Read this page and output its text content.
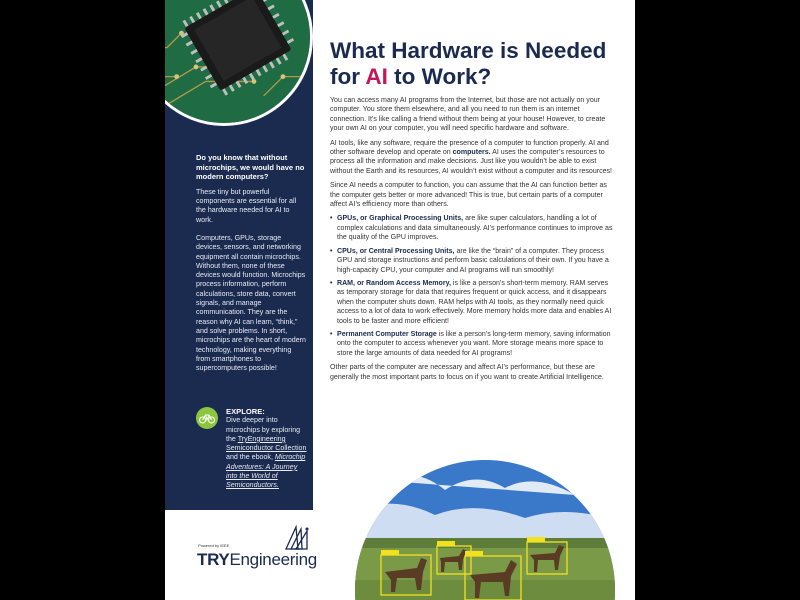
Do you know that without microchips, we would have no modern computers?

These tiny but powerful components are essential for all the hardware needed for AI to work.

Computers, GPUs, storage devices, sensors, and networking equipment all contain microchips. Without them, none of these devices would function. Microchips process information, perform calculations, store data, convert signals, and manage communication. They are the reason why AI can learn, “think,” and solve problems. In short, microchips are the heart of modern technology, making everything from smartphones to supercomputers possible!

EXPLORE:
Dive deeper into microchips by exploring the TryEngineering Semiconductor Collection and the ebook, Microchip Adventures: A Journey into the World of Semiconductors.
Powered by IEEE
TRYEngineering
What Hardware is Needed
for AI to Work?

You can access many AI programs from the Internet, but those are not actually on your computer. You store them elsewhere, and all you need to run them is an internet connection. It’s like calling a friend without them being at your house! However, to create your own AI on your computer, you will need specific hardware and software.

AI tools, like any software, require the presence of a computer to function properly. AI and other software develop and operate on computers. AI uses the computer’s resources to process all the information and make decisions. Just like you wouldn’t be able to exist without the Earth and its resources, AI wouldn’t exist without a computer and its resources!

Since AI needs a computer to function, you can assume that the AI can function better as the computer gets better or more advanced! This is true, but certain parts of a computer affect AI’s efficiency more than others.

• GPUs, or Graphical Processing Units, are like super calculators, handling a lot of complex calculations and data simultaneously. AI’s performance continues to improve as the quality of the GPU improves.
• CPUs, or Central Processing Units, are like the “brain” of a computer. They process GPU and storage instructions and perform basic calculations of their own. If you have a high-capacity CPU, your computer and AI programs will run smoothly!
• RAM, or Random Access Memory, is like a person’s short-term memory. RAM serves as temporary storage for data that requires frequent or quick access, and it disappears when the computer shuts down. RAM helps with AI tools, as they normally need quick access to a lot of data to work effectively. More memory holds more data and enables AI tools to be faster and more efficient!
• Permanent Computer Storage is like a person’s long-term memory, saving information onto the computer to access whenever you want. More storage means more space to store the large amounts of data needed for AI programs!

Other parts of the computer are necessary and affect AI’s performance, but these are generally the most important parts to focus on if you want to create Artificial Intelligence.
